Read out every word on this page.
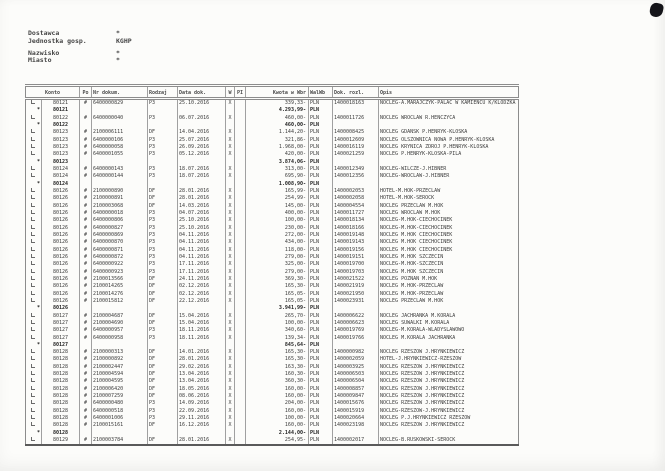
Dostawca	*
Jednostka gosp.	KGHP
Nazwisko	*
Miasto	*
Konto	Po Nr dokum.	Rodzaj	Data dok.	W	PI	Kwota w Wbr WalWb	Dok. rozl.	Opis
80121	#	6400000829	P3	25.10.2016	X	339,33- PLN	1400018163	NOCLEG-A.MARAJCZYK-PALAC W KAMIENCU K/KLODZKA
*	80121	4.293,99- PLN
80122	#	6400000040	P3	06.07.2016	X	460,00- PLN	1400011726	NOCLEG WROCLAW R.HENCZYCA
*	80122	460,00- PLN
80123	#	2100006111	DF	14.04.2016	X	1.144,20- PLN	1400008425	NOCLEG GDAŃSK P.HENRYK-KLOSKA
80123	#	6400000106	P3	25.07.2016	X	321,86- PLN	1400012609	NOCLEG OLSZOWNICA NOWA P.HENRYK-KLOSKA
80123	#	6400000058	P3	26.09.2016	X	1.968,00- PLN	1400016119	NOCLEG KRYNICA ZDRÓJ P.HENRYK-KLOSKA
80123	#	6400001055	P3	05.12.2016	X	420,00- PLN	1400021259	NOCLEG P.HENRYK-KLOSKA-PILA
*	80123	3.874,06- PLN
80124	#	6400000143	P3	18.07.2016	X	313,00- PLN	1400012349	NOCLEG-WILCZE-J.HIBNER
80124	#	6400000144	P3	18.07.2016	X	695,90- PLN	1400012356	NOCLEG-WROCLAW-J.HIBNER
*	80124	1.008,90- PLN
80126	#	2100000890	DF	28.01.2016	X	165,99- PLN	1400002053	HOTEL-M.HOK-PRZECLAW
80126	#	2100000891	DF	28.01.2016	X	254,99- PLN	1400002058	HOTEL-M.HOK-SEROCK
80126	#	2100003068	DF	14.03.2016	X	145,00- PLN	1400004554	NOCLEG PRZECLAW M.HOK
80126	#	6400000018	P3	04.07.2016	X	400,00- PLN	1400011727	NOCLEG WROCLAW M.HOK
80126	#	6400000806	P3	25.10.2016	X	100,00- PLN	1400018134	NOCLEG-M.HOK-CIECHOCINEK
80126	#	6400000827	P3	25.10.2016	X	230,00- PLN	1400018166	NOCLEG-M.HOK-CIECHOCINEK
80126	#	6400000869	P3	04.11.2016	X	272,00- PLN	1400019148	NOCLEG M.HOK CIECHOCINEK
80126	#	6400000870	P3	04.11.2016	X	434,00- PLN	1400019143	NOCLEG M.HOK CIECHOCINEK
80126	#	6400000871	P3	04.11.2016	X	118,00- PLN	1400019156	NOCLEG M.HOK CIECHOCINEK
80126	#	6400000872	P3	04.11.2016	X	279,00- PLN	1400019151	NOCLEG M.HOK SZCZECIN
80126	#	6400000922	P3	17.11.2016	X	325,00- PLN	1400019700	NOCLEG-M.HOK-SZCZECIN
80126	#	6400000923	P3	17.11.2016	X	279,00- PLN	1400019703	NOCLEG M.HOK SZCZECIN
80126	#	2100013566	DF	24.11.2016	X	369,30- PLN	1400021522	NOCLEG POZNAŃ M.HOK
80126	#	2100014265	DF	02.12.2016	X	165,30- PLN	1400021919	NOCLEG M.HOK-PRZECLAW
80126	#	2100014276	DF	02.12.2016	X	165,05- PLN	1400021950	NOCLEG M.HOK-PRZECLAW
80126	#	2100015812	DF	22.12.2016	X	165,05- PLN	1400023931	NOCLEG PRZECLAW M.HOK
*	80126	3.941,99- PLN
80127	#	2100004687	DF	15.04.2016	X	265,70- PLN	1400006622	NOCLEG JACHRANKA M.KORALA
80127	#	2100004690	DF	15.04.2016	X	100,00- PLN	1400006623	NOCLEG SUWALKI M.KORALA
80127	#	6400000957	P3	18.11.2016	X	340,60- PLN	1400019769	NOCLEG-M.KORALA-WLADYSLAWOWO
80127	#	6400000958	P3	18.11.2016	X	139,34- PLN	1400019766	NOCLEG M.KORALA JACHRANKA
*	80127	845,64- PLN
80128	#	2100000313	DF	14.01.2016	X	165,30- PLN	1400000982	NOCLEG RZESZÓW J.HRYNKIEWICZ
80128	#	2100000892	DF	28.01.2016	X	165,30- PLN	1400002059	HOTEL-J.HRYNKIEWICZ-RZESZÓW
80128	#	2100002447	DF	29.02.2016	X	163,30- PLN	1400003925	NOCLEG RZESZÓW J.HRYNKIEWICZ
80128	#	2100004594	DF	13.04.2016	X	160,30- PLN	1400006503	NOCLEG RZESZÓW J.HRYNKIEWICZ
80128	#	2100004595	DF	13.04.2016	X	360,30- PLN	1400006504	NOCLEG RZESZÓW J.HRYNKIEWICZ
80128	#	2100006420	DF	18.05.2016	X	160,00- PLN	1400008857	NOCLEG RZESZÓW J.HRYNKIEWICZ
80128	#	2100007259	DF	08.06.2016	X	160,00- PLN	1400009847	NOCLEG RZESZÓW J.HRYNKIEWICZ
80128	#	6400000480	P3	14.09.2016	X	204,00- PLN	1400015676	NOCLEG RZESZÓW J.HRYNKIEWICZ
80128	#	6400000518	P3	22.09.2016	X	160,00- PLN	1400015919	NOCLEG-RZESZÓW-J.HRYNKIEWICZ
80128	#	6400001006	P3	29.11.2016	X	100,00- PLN	1400020664	NOCLEG P.J.HRYNKIEWICZ RZESZÓW
80128	#	2100015161	DF	16.12.2016	X	160,00- PLN	1400023198	NOCLEG RZESZÓW J.HRYNKIEWICZ
*	80128	2.144,00- PLN
80129	#	2100003784	DF	28.01.2016	X	254,95- PLN	1400002017	NOCLEG-B.RUSKOWSKI-SEROCK
